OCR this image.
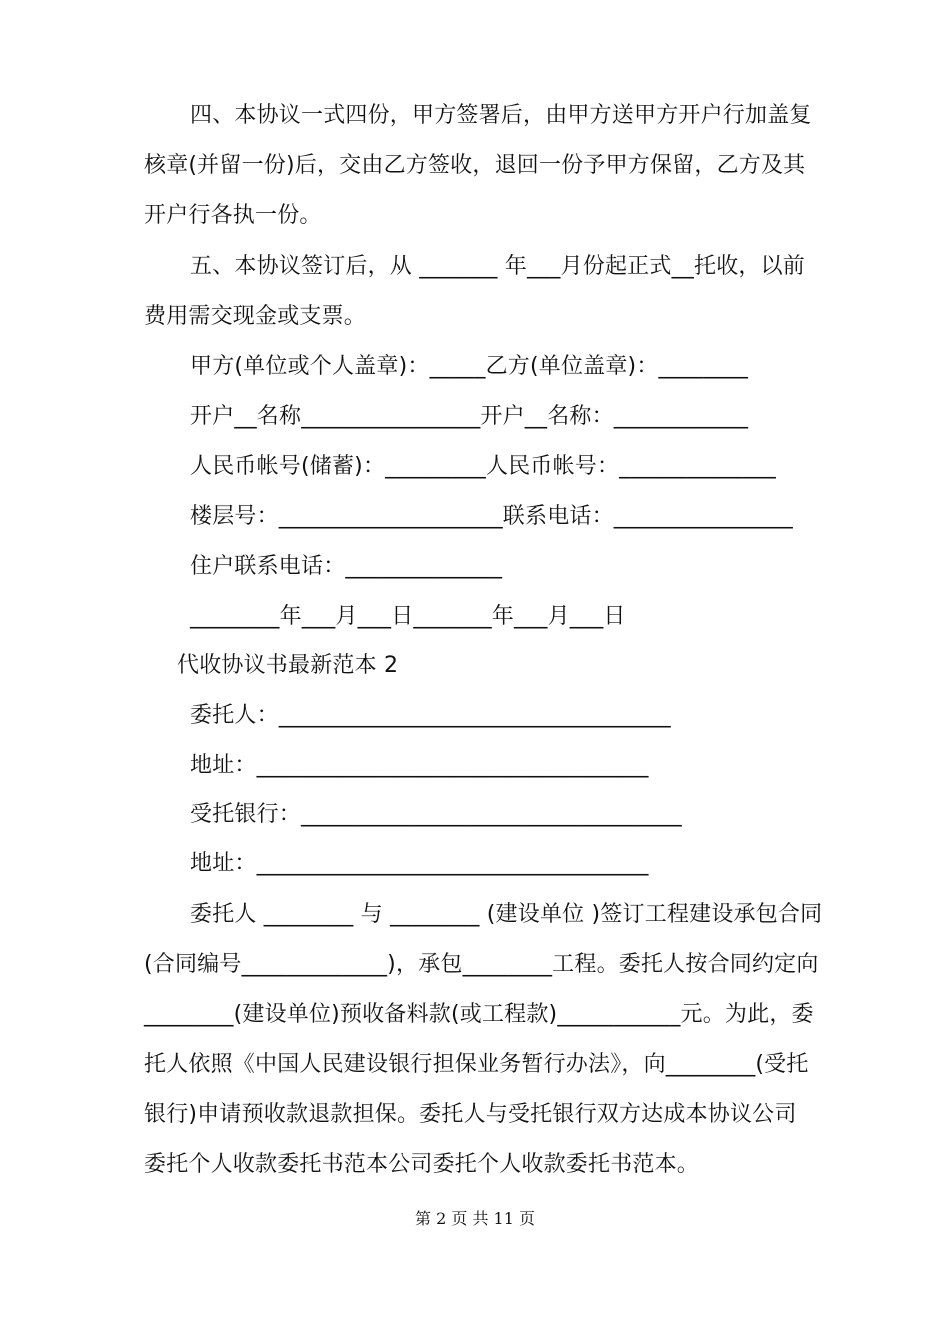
四、本协议一式四份，甲方签署后，由甲方送甲方开户行加盖复
核章(并留一份)后，交由乙方签收，退回一份予甲方保留，乙方及其
开户行各执一份。
五、本协议签订后，从 _______ 年___月份起正式__托收，以前
费用需交现金或支票。
甲方(单位或个人盖章)：_____乙方(单位盖章)：________
开户__名称________________开户__名称：____________
人民币帐号(储蓄)：_________人民币帐号：______________
楼层号：____________________联系电话：________________
住户联系电话：______________
________年___月___日_______年___月___日
代收协议书最新范本 2
委托人：___________________________________
地址：___________________________________
受托银行：__________________________________
地址：___________________________________
委托人 ________ 与 ________ (建设单位 )签订工程建设承包合同
(合同编号_____________)，承包________工程。委托人按合同约定向
________(建设单位)预收备料款(或工程款)___________元。为此，委
托人依照《中国人民建设银行担保业务暂行办法》，向________(受托
银行)申请预收款退款担保。委托人与受托银行双方达成本协议公司
委托个人收款委托书范本公司委托个人收款委托书范本。
第 2 页 共 11 页
